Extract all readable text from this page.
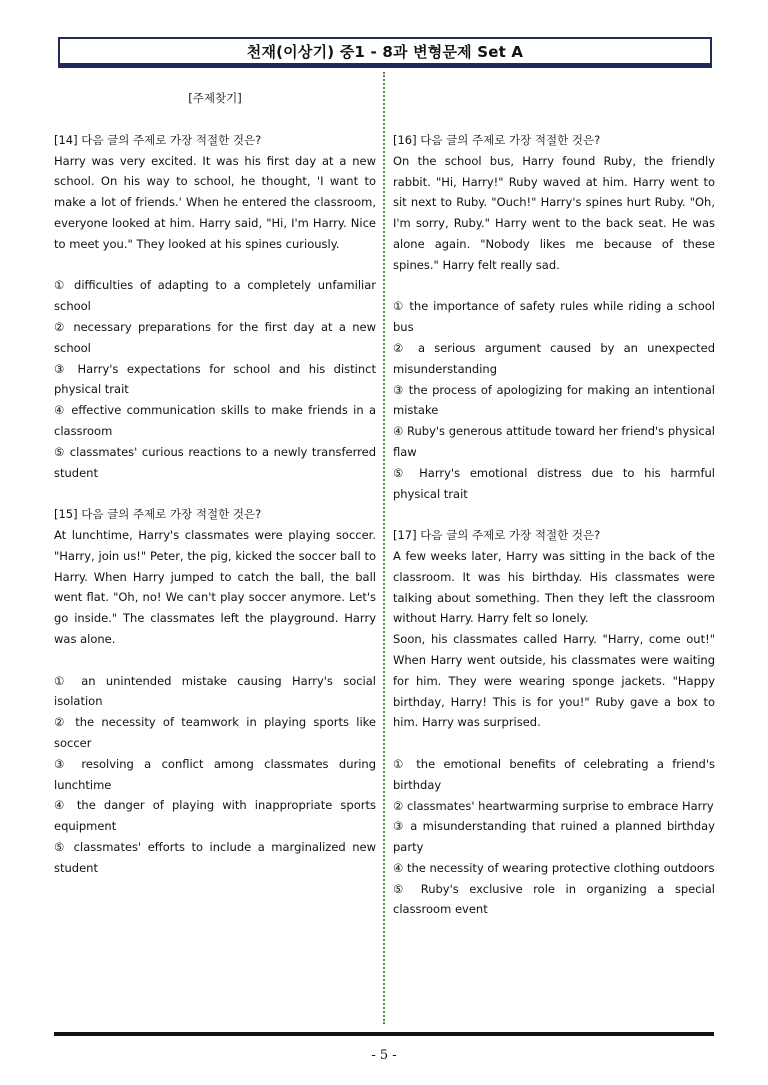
천재(이상기) 중1 - 8과 변형문제 Set A
[주제찾기]
[14] 다음 글의 주제로 가장 적절한 것은?
Harry was very excited. It was his first day at a new school. On his way to school, he thought, 'I want to make a lot of friends.' When he entered the classroom, everyone looked at him. Harry said, "Hi, I'm Harry. Nice to meet you." They looked at his spines curiously.
① difficulties of adapting to a completely unfamiliar school
② necessary preparations for the first day at a new school
③ Harry's expectations for school and his distinct physical trait
④ effective communication skills to make friends in a classroom
⑤ classmates' curious reactions to a newly transferred student
[15] 다음 글의 주제로 가장 적절한 것은?
At lunchtime, Harry's classmates were playing soccer. "Harry, join us!" Peter, the pig, kicked the soccer ball to Harry. When Harry jumped to catch the ball, the ball went flat. "Oh, no! We can't play soccer anymore. Let's go inside." The classmates left the playground. Harry was alone.
① an unintended mistake causing Harry's social isolation
② the necessity of teamwork in playing sports like soccer
③ resolving a conflict among classmates during lunchtime
④ the danger of playing with inappropriate sports equipment
⑤ classmates' efforts to include a marginalized new student
[16] 다음 글의 주제로 가장 적절한 것은?
On the school bus, Harry found Ruby, the friendly rabbit. "Hi, Harry!" Ruby waved at him. Harry went to sit next to Ruby. "Ouch!" Harry's spines hurt Ruby. "Oh, I'm sorry, Ruby." Harry went to the back seat. He was alone again. "Nobody likes me because of these spines." Harry felt really sad.
① the importance of safety rules while riding a school bus
② a serious argument caused by an unexpected misunderstanding
③ the process of apologizing for making an intentional mistake
④ Ruby's generous attitude toward her friend's physical flaw
⑤ Harry's emotional distress due to his harmful physical trait
[17] 다음 글의 주제로 가장 적절한 것은?
A few weeks later, Harry was sitting in the back of the classroom. It was his birthday. His classmates were talking about something. Then they left the classroom without Harry. Harry felt so lonely.
Soon, his classmates called Harry. "Harry, come out!" When Harry went outside, his classmates were waiting for him. They were wearing sponge jackets. "Happy birthday, Harry! This is for you!" Ruby gave a box to him. Harry was surprised.
① the emotional benefits of celebrating a friend's birthday
② classmates' heartwarming surprise to embrace Harry
③ a misunderstanding that ruined a planned birthday party
④ the necessity of wearing protective clothing outdoors
⑤ Ruby's exclusive role in organizing a special classroom event
- 5 -
